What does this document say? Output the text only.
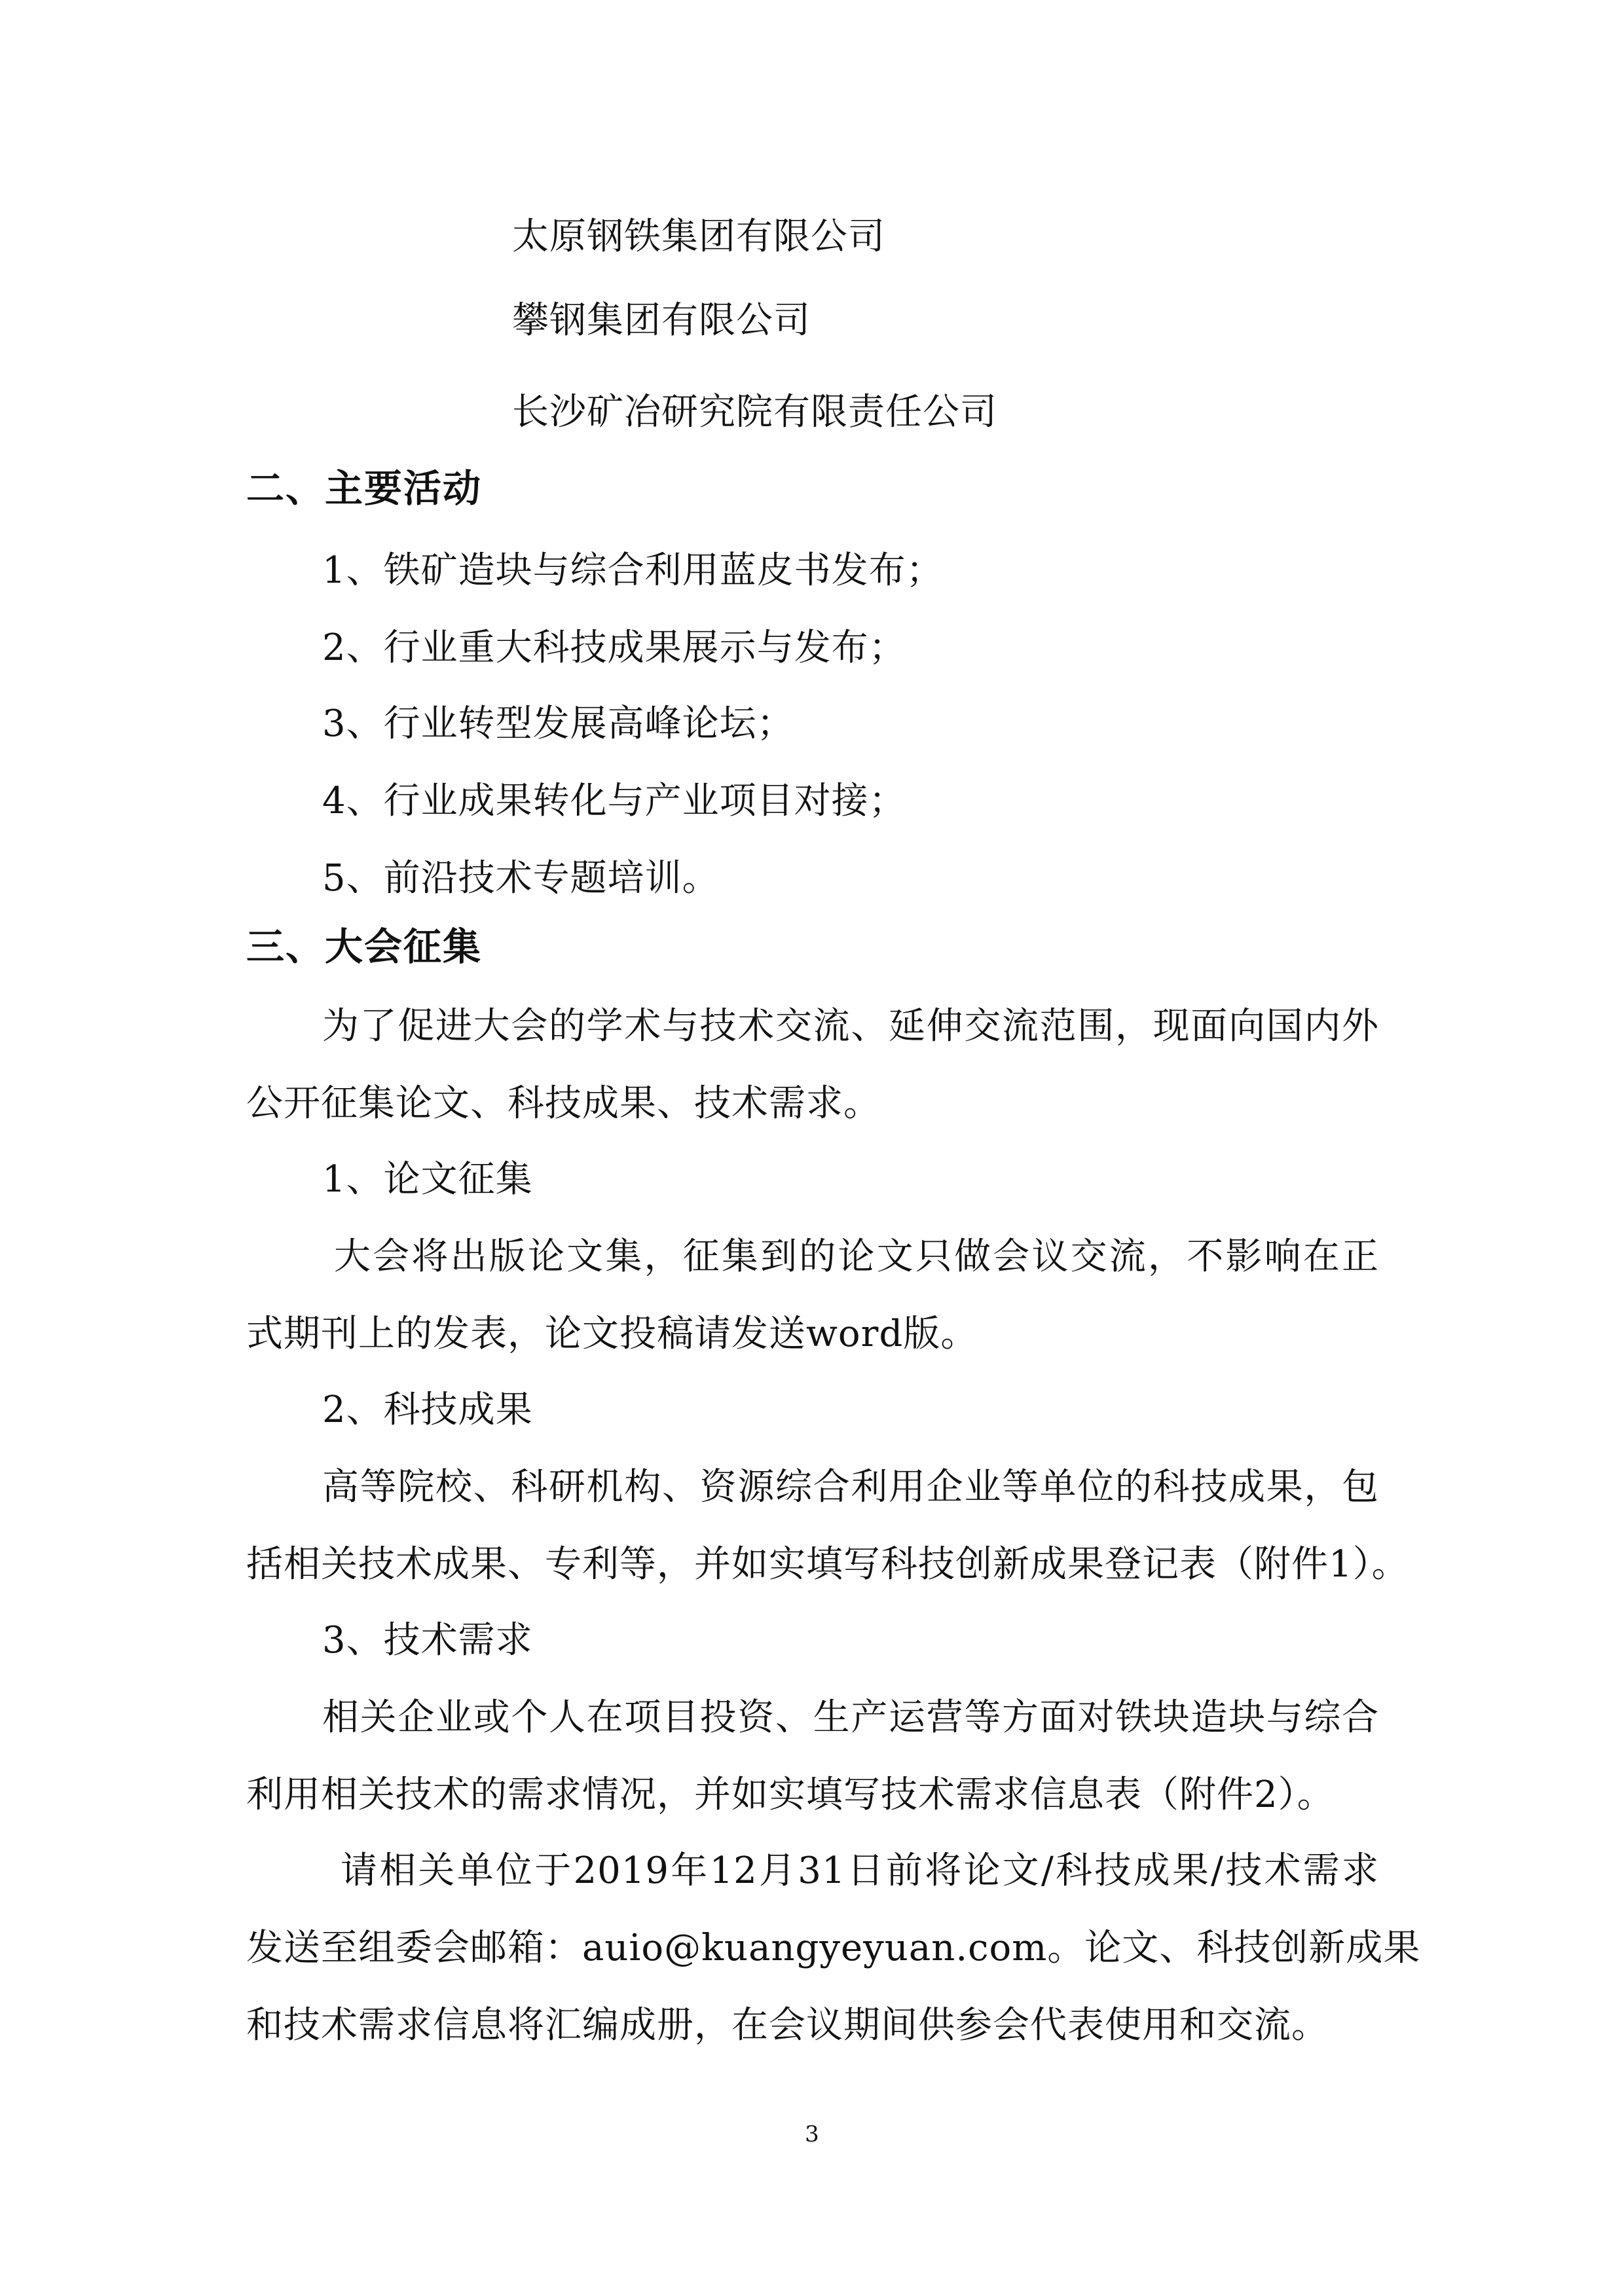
太原钢铁集团有限公司
攀钢集团有限公司
长沙矿冶研究院有限责任公司
二、主要活动
1、铁矿造块与综合利用蓝皮书发布；
2、行业重大科技成果展示与发布；
3、行业转型发展高峰论坛；
4、行业成果转化与产业项目对接；
5、前沿技术专题培训。
三、大会征集
为了促进大会的学术与技术交流、延伸交流范围，现面向国内外
公开征集论文、科技成果、技术需求。
1、论文征集
大会将出版论文集，征集到的论文只做会议交流，不影响在正
式期刊上的发表，论文投稿请发送word版。
2、科技成果
高等院校、科研机构、资源综合利用企业等单位的科技成果，包
括相关技术成果、专利等，并如实填写科技创新成果登记表（附件1）。
3、技术需求
相关企业或个人在项目投资、生产运营等方面对铁块造块与综合
利用相关技术的需求情况，并如实填写技术需求信息表（附件2）。
请相关单位于2019年12月31日前将论文/科技成果/技术需求
发送至组委会邮箱：auio@kuangyeyuan.com。论文、科技创新成果
和技术需求信息将汇编成册，在会议期间供参会代表使用和交流。
3
